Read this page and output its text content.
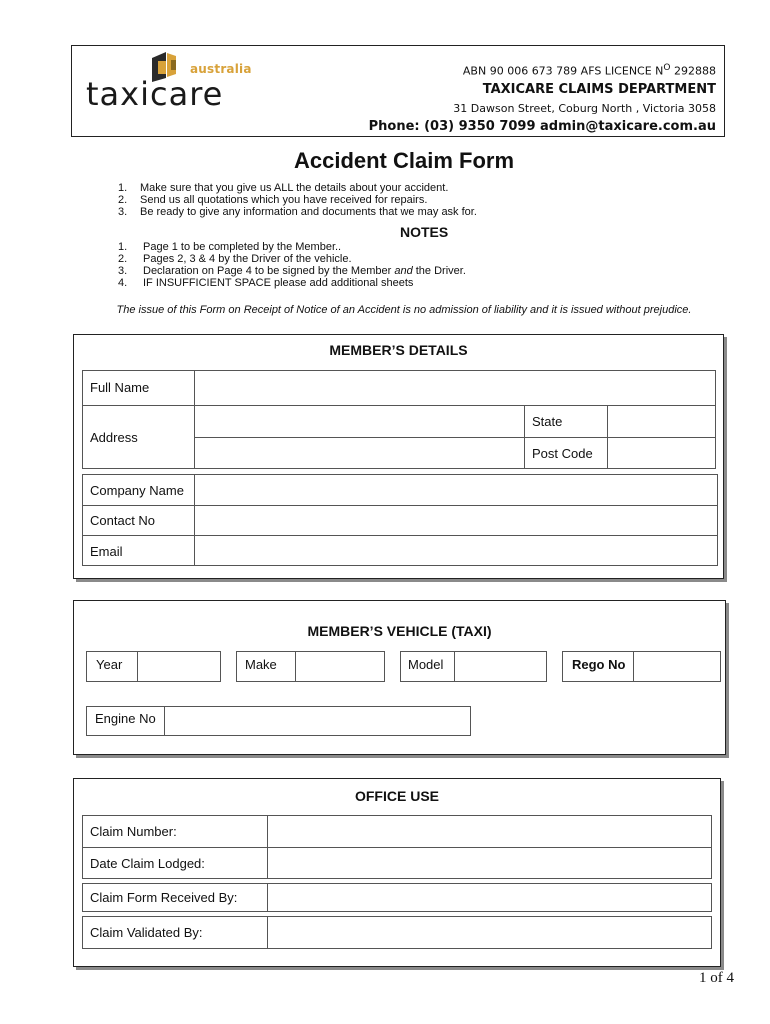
australia
taxicare
ABN 90 006 673 789 AFS LICENCE $N^O$ 292888
TAXICARE CLAIMS DEPARTMENT
31 Dawson Street, Coburg North , Victoria 3058
Phone: (03) 9350 7099 admin@taxicare.com.au
Accident Claim Form
1. Make sure that you give us ALL the details about your accident.
2. Send us all quotations which you have received for repairs.
3. Be ready to give any information and documents that we may ask for.
NOTES
1. Page 1 to be completed by the Member..
2. Pages 2, 3 & 4 by the Driver of the vehicle.
3. Declaration on Page 4 to be signed by the Member and the Driver.
4. IF INSUFFICIENT SPACE please add additional sheets
The issue of this Form on Receipt of Notice of an Accident is no admission of liability and it is issued without prejudice.
MEMBER’S DETAILS
Full Name
Address
State
Post Code
Company Name
Contact No
Email
MEMBER’S VEHICLE (TAXI)
Year	Make	Model	Rego No
Engine No
OFFICE USE
Claim Number:
Date Claim Lodged:
Claim Form Received By:
Claim Validated By:
1 of 4
